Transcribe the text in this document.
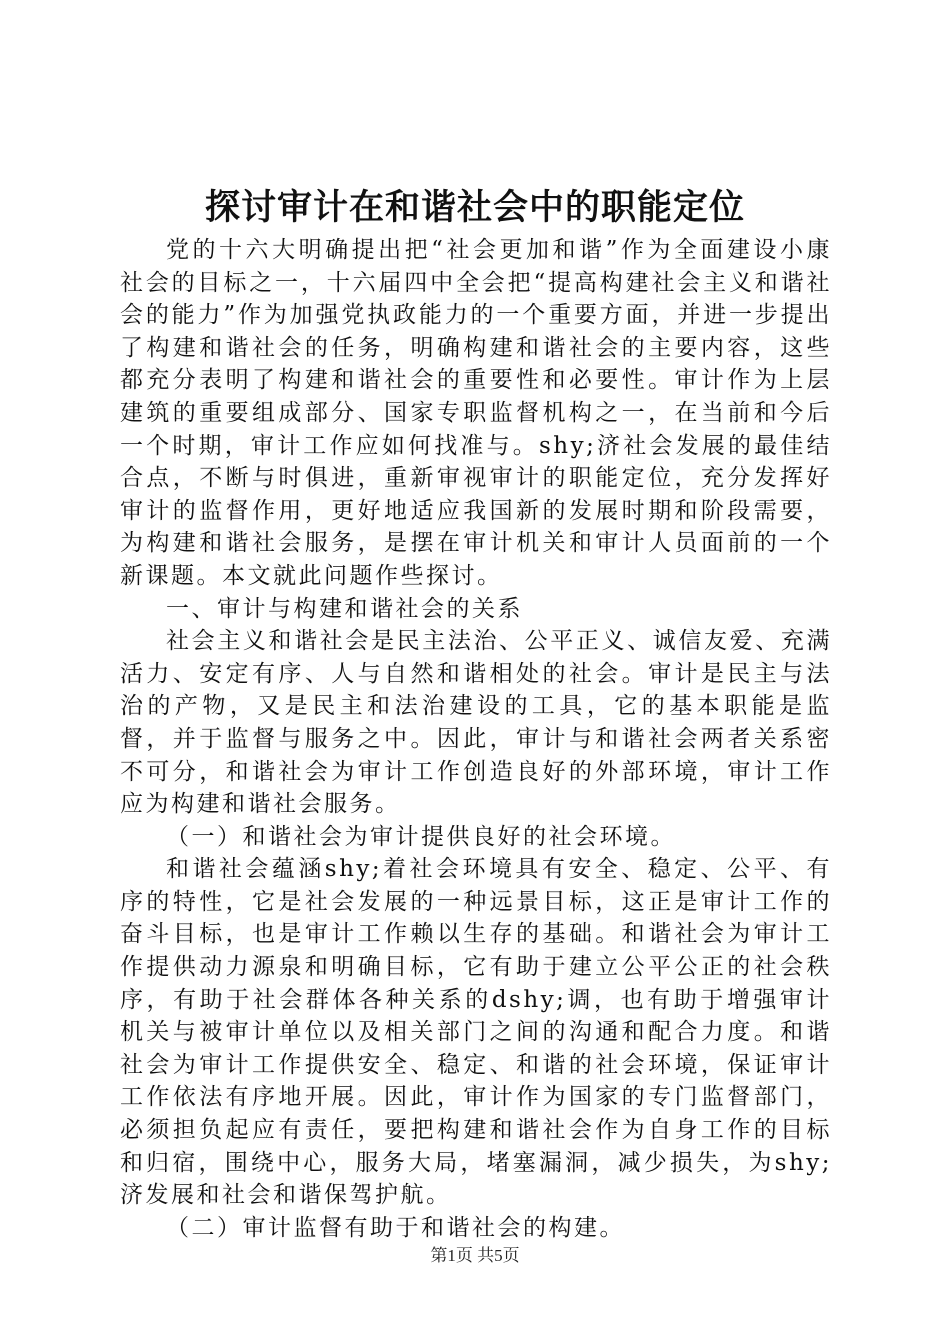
探讨审计在和谐社会中的职能定位

党的十六大明确提出把“社会更加和谐”作为全面建设小康社会的目标之一，十六届四中全会把“提高构建社会主义和谐社会的能力”作为加强党执政能力的一个重要方面，并进一步提出了构建和谐社会的任务，明确构建和谐社会的主要内容，这些都充分表明了构建和谐社会的重要性和必要性。审计作为上层建筑的重要组成部分、国家专职监督机构之一，在当前和今后一个时期，审计工作应如何找准与。shy;济社会发展的最佳结合点，不断与时俱进，重新审视审计的职能定位，充分发挥好审计的监督作用，更好地适应我国新的发展时期和阶段需要，为构建和谐社会服务，是摆在审计机关和审计人员面前的一个新课题。本文就此问题作些探讨。

一、审计与构建和谐社会的关系

社会主义和谐社会是民主法治、公平正义、诚信友爱、充满活力、安定有序、人与自然和谐相处的社会。审计是民主与法治的产物，又是民主和法治建设的工具，它的基本职能是监督，并于监督与服务之中。因此，审计与和谐社会两者关系密不可分，和谐社会为审计工作创造良好的外部环境，审计工作应为构建和谐社会服务。

（一）和谐社会为审计提供良好的社会环境。

和谐社会蕴涵shy;着社会环境具有安全、稳定、公平、有序的特性，它是社会发展的一种远景目标，这正是审计工作的奋斗目标，也是审计工作赖以生存的基础。和谐社会为审计工作提供动力源泉和明确目标，它有助于建立公平公正的社会秩序，有助于社会群体各种关系的dshy;调，也有助于增强审计机关与被审计单位以及相关部门之间的沟通和配合力度。和谐社会为审计工作提供安全、稳定、和谐的社会环境，保证审计工作依法有序地开展。因此，审计作为国家的专门监督部门，必须担负起应有责任，要把构建和谐社会作为自身工作的目标和归宿，围绕中心，服务大局，堵塞漏洞，减少损失，为shy;济发展和社会和谐保驾护航。

（二）审计监督有助于和谐社会的构建。

第1页 共5页
